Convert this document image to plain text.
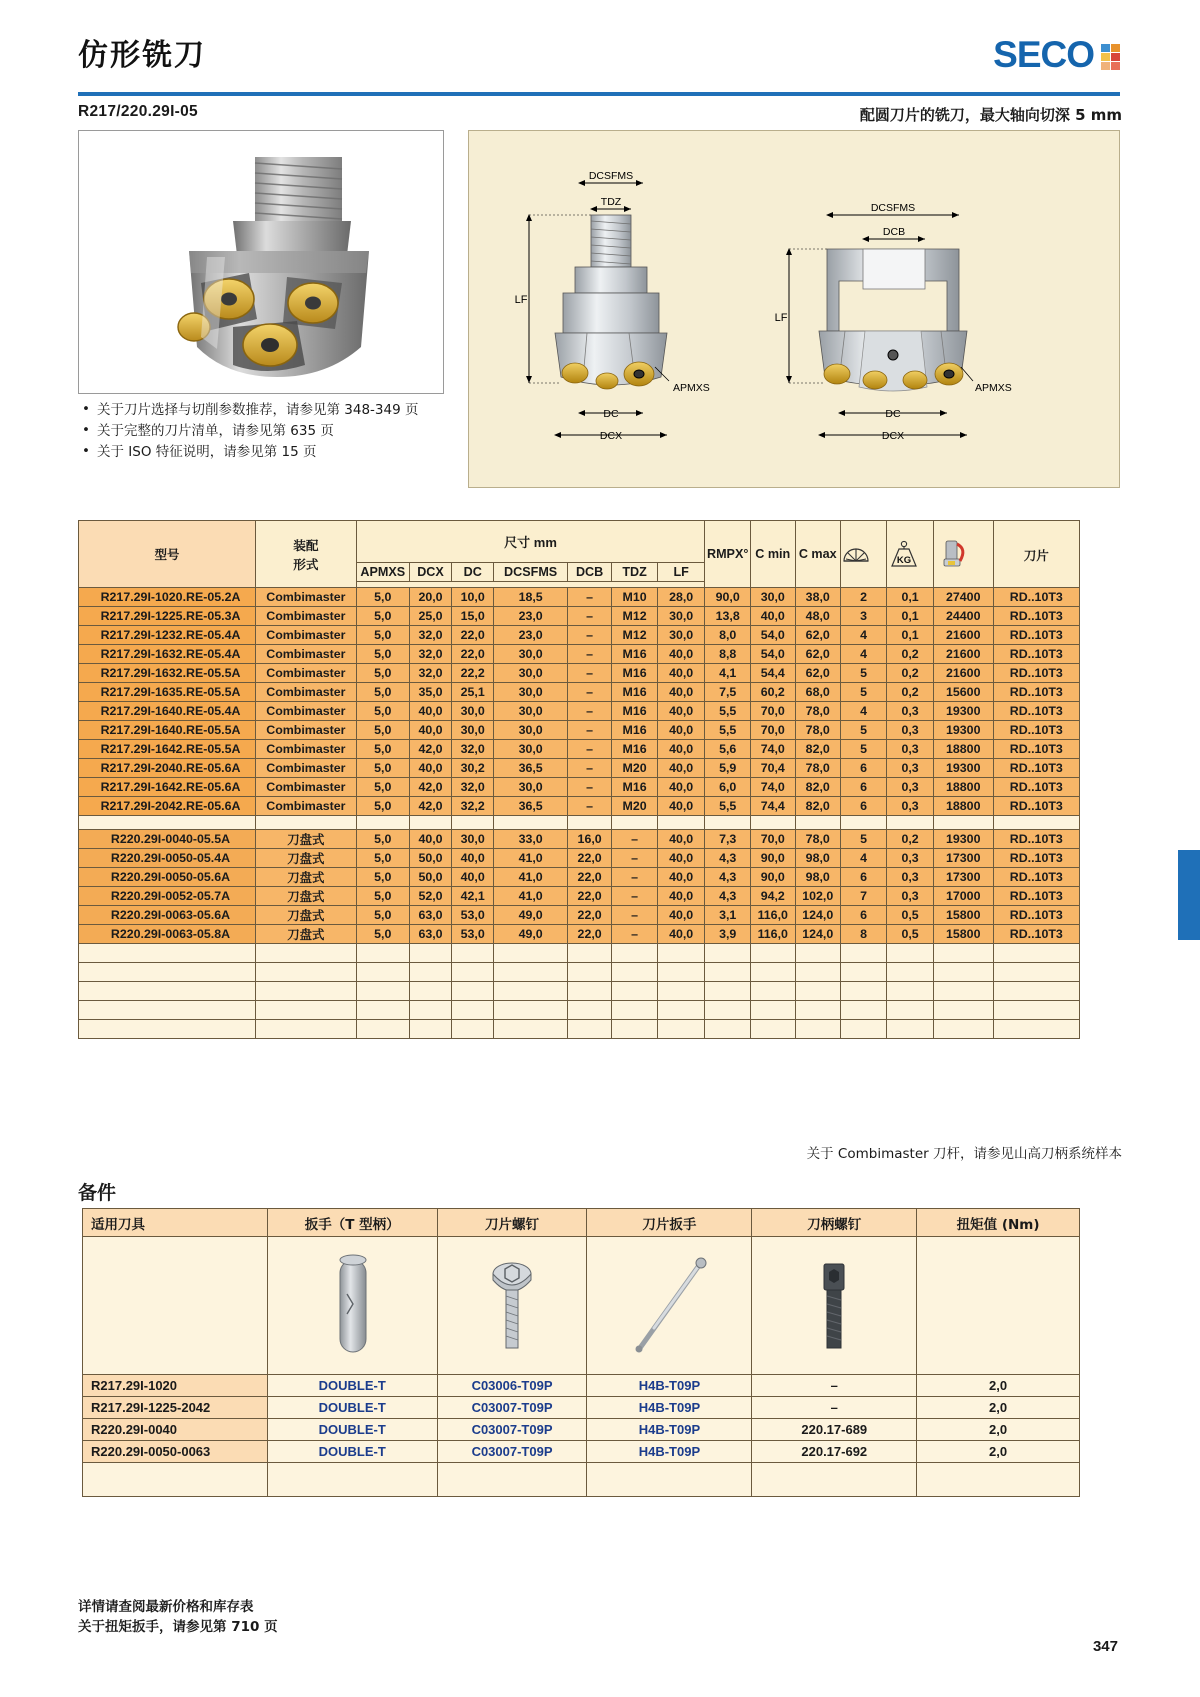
仿形铣刀	SECO
R217/220.29I-05	配圆刀片的铣刀，最大轴向切深 5 mm
• 关于刀片选择与切削参数推荐，请参见第 348-349 页
• 关于完整的刀片清单，请参见第 635 页
• 关于 ISO 特征说明，请参见第 15 页
DCSFMS
TDZ
LF
APMXS
DC
DCX
DCSFMS
DCB
LF
APMXS
DC
DCX
型号	装配
形式	尺寸 mm							RMPX°	C min	C max		KG		刀片
		APMXS	DCX	DC	DCSFMS	DCB	TDZ	LF							

R217.29I-1020.RE-05.2A	Combimaster	5,0	20,0	10,0	18,5	–	M10	28,0	90,0	30,0	38,0	2	0,1	27400	RD..10T3
R217.29I-1225.RE-05.3A	Combimaster	5,0	25,0	15,0	23,0	–	M12	30,0	13,8	40,0	48,0	3	0,1	24400	RD..10T3
R217.29I-1232.RE-05.4A	Combimaster	5,0	32,0	22,0	23,0	–	M12	30,0	8,0	54,0	62,0	4	0,1	21600	RD..10T3
R217.29I-1632.RE-05.4A	Combimaster	5,0	32,0	22,0	30,0	–	M16	40,0	8,8	54,0	62,0	4	0,2	21600	RD..10T3
R217.29I-1632.RE-05.5A	Combimaster	5,0	32,0	22,2	30,0	–	M16	40,0	4,1	54,4	62,0	5	0,2	21600	RD..10T3
R217.29I-1635.RE-05.5A	Combimaster	5,0	35,0	25,1	30,0	–	M16	40,0	7,5	60,2	68,0	5	0,2	15600	RD..10T3
R217.29I-1640.RE-05.4A	Combimaster	5,0	40,0	30,0	30,0	–	M16	40,0	5,5	70,0	78,0	4	0,3	19300	RD..10T3
R217.29I-1640.RE-05.5A	Combimaster	5,0	40,0	30,0	30,0	–	M16	40,0	5,5	70,0	78,0	5	0,3	19300	RD..10T3
R217.29I-1642.RE-05.5A	Combimaster	5,0	42,0	32,0	30,0	–	M16	40,0	5,6	74,0	82,0	5	0,3	18800	RD..10T3
R217.29I-2040.RE-05.6A	Combimaster	5,0	40,0	30,2	36,5	–	M20	40,0	5,9	70,4	78,0	6	0,3	19300	RD..10T3
R217.29I-1642.RE-05.6A	Combimaster	5,0	42,0	32,0	30,0	–	M16	40,0	6,0	74,0	82,0	6	0,3	18800	RD..10T3
R217.29I-2042.RE-05.6A	Combimaster	5,0	42,0	32,2	36,5	–	M20	40,0	5,5	74,4	82,0	6	0,3	18800	RD..10T3

R220.29I-0040-05.5A	刀盘式	5,0	40,0	30,0	33,0	16,0	–	40,0	7,3	70,0	78,0	5	0,2	19300	RD..10T3
R220.29I-0050-05.4A	刀盘式	5,0	50,0	40,0	41,0	22,0	–	40,0	4,3	90,0	98,0	4	0,3	17300	RD..10T3
R220.29I-0050-05.6A	刀盘式	5,0	50,0	40,0	41,0	22,0	–	40,0	4,3	90,0	98,0	6	0,3	17300	RD..10T3
R220.29I-0052-05.7A	刀盘式	5,0	52,0	42,1	41,0	22,0	–	40,0	4,3	94,2	102,0	7	0,3	17000	RD..10T3
R220.29I-0063-05.6A	刀盘式	5,0	63,0	53,0	49,0	22,0	–	40,0	3,1	116,0	124,0	6	0,5	15800	RD..10T3
R220.29I-0063-05.8A	刀盘式	5,0	63,0	53,0	49,0	22,0	–	40,0	3,9	116,0	124,0	8	0,5	15800	RD..10T3

关于 Combimaster 刀杆，请参见山高刀柄系统样本
备件
适用刀具	扳手（T 型柄）	刀片螺钉	刀片扳手	刀柄螺钉	扭矩值 (Nm)

R217.29I-1020	DOUBLE-T	C03006-T09P	H4B-T09P	–	2,0
R217.29I-1225-2042	DOUBLE-T	C03007-T09P	H4B-T09P	–	2,0
R220.29I-0040	DOUBLE-T	C03007-T09P	H4B-T09P	220.17-689	2,0
R220.29I-0050-0063	DOUBLE-T	C03007-T09P	H4B-T09P	220.17-692	2,0

详情请查阅最新价格和库存表
关于扭矩扳手，请参见第 710 页
347
